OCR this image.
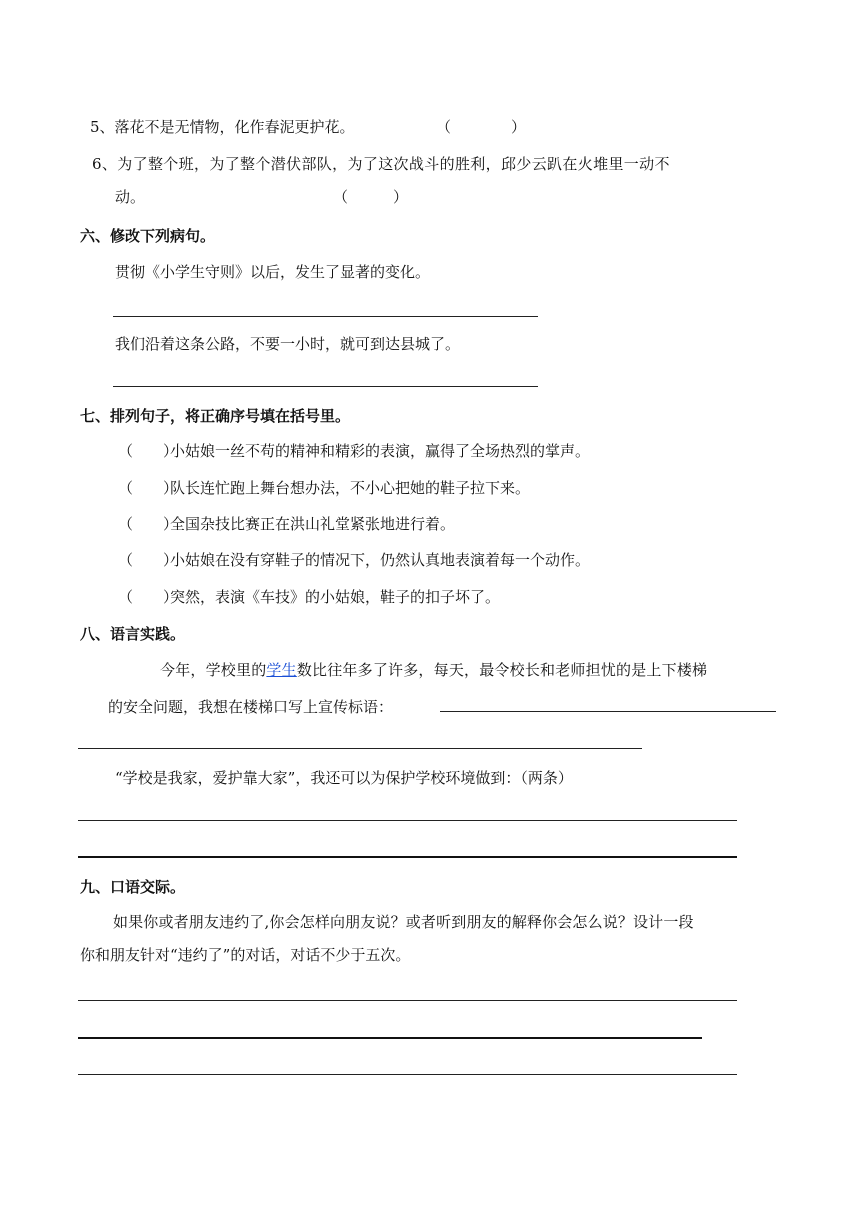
5、落花不是无情物，化作春泥更护花。	（　　　　）
6、为了整个班，为了整个潜伏部队，为了这次战斗的胜利，邱少云趴在火堆里一动不
动。	（　　　）
六、修改下列病句。
贯彻《小学生守则》以后，发生了显著的变化。
我们沿着这条公路，不要一小时，就可到达县城了。
七、排列句子，将正确序号填在括号里。
（　　）
小姑娘一丝不苟的精神和精彩的表演，赢得了全场热烈的掌声。
（　　）
队长连忙跑上舞台想办法，不小心把她的鞋子拉下来。
（　　）
全国杂技比赛正在洪山礼堂紧张地进行着。
（　　）
小姑娘在没有穿鞋子的情况下，仍然认真地表演着每一个动作。
（　　）
突然，表演《车技》的小姑娘，鞋子的扣子坏了。
八、语言实践。
今年，学校里的学生数比往年多了许多，每天，最令校长和老师担忧的是上下楼梯
的安全问题，我想在楼梯口写上宣传标语：
“学校是我家，爱护靠大家”，我还可以为保护学校环境做到：（两条）
九、口语交际。
如果你或者朋友违约了,你会怎样向朋友说？或者听到朋友的解释你会怎么说？设计一段
你和朋友针对“违约了”的对话，对话不少于五次。
